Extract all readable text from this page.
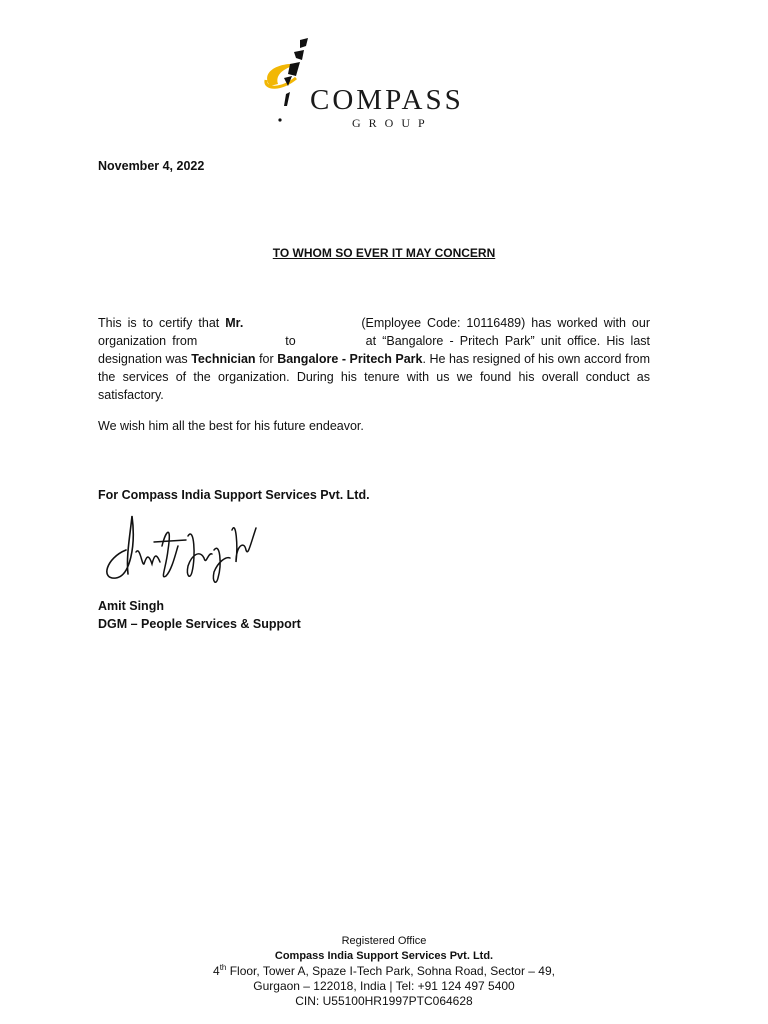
COMPASS
GROUP
November 4, 2022
TO WHOM SO EVER IT MAY CONCERN
This is to certify that Mr.	(Employee Code: 10116489) has worked with our organization from	to	at “Bangalore - Pritech Park” unit office. His last designation was Technician for Bangalore - Pritech Park. He has resigned of his own accord from the services of the organization. During his tenure with us we found his overall conduct as satisfactory.
We wish him all the best for his future endeavor.
For Compass India Support Services Pvt. Ltd.
Amit Singh
DGM – People Services & Support
Registered Office
Compass India Support Services Pvt. Ltd.
4th Floor, Tower A, Spaze I-Tech Park, Sohna Road, Sector – 49,
Gurgaon – 122018, India | Tel: +91 124 497 5400
CIN: U55100HR1997PTC064628
